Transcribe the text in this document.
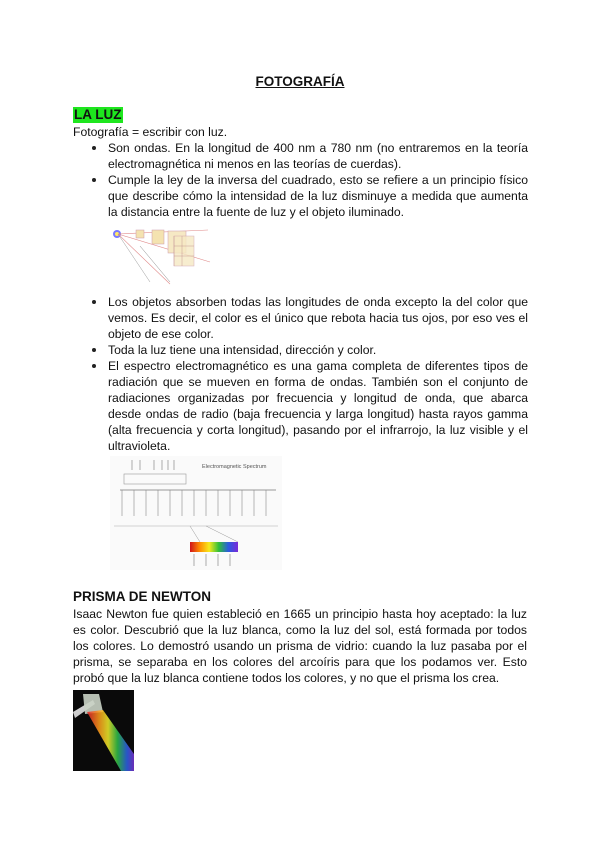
FOTOGRAFÍA
LA LUZ
Fotografía = escribir con luz.
Son ondas. En la longitud de 400 nm a 780 nm (no entraremos en la teoría electromagnética ni menos en las teorías de cuerdas).
Cumple la ley de la inversa del cuadrado, esto se refiere a un principio físico que describe cómo la intensidad de la luz disminuye a medida que aumenta la distancia entre la fuente de luz y el objeto iluminado.
Los objetos absorben todas las longitudes de onda excepto la del color que vemos. Es decir, el color es el único que rebota hacia tus ojos, por eso ves el objeto de ese color.
Toda la luz tiene una intensidad, dirección y color.
El espectro electromagnético es una gama completa de diferentes tipos de radiación que se mueven en forma de ondas. También son el conjunto de radiaciones organizadas por frecuencia y longitud de onda, que abarca desde ondas de radio (baja frecuencia y larga longitud) hasta rayos gamma (alta frecuencia y corta longitud), pasando por el infrarrojo, la luz visible y el ultravioleta.
Electromagnetic Spectrum
PRISMA DE NEWTON
Isaac Newton fue quien estableció en 1665 un principio hasta hoy aceptado: la luz es color. Descubrió que la luz blanca, como la luz del sol, está formada por todos los colores. Lo demostró usando un prisma de vidrio: cuando la luz pasaba por el prisma, se separaba en los colores del arcoíris para que los podamos ver. Esto probó que la luz blanca contiene todos los colores, y no que el prisma los crea.
